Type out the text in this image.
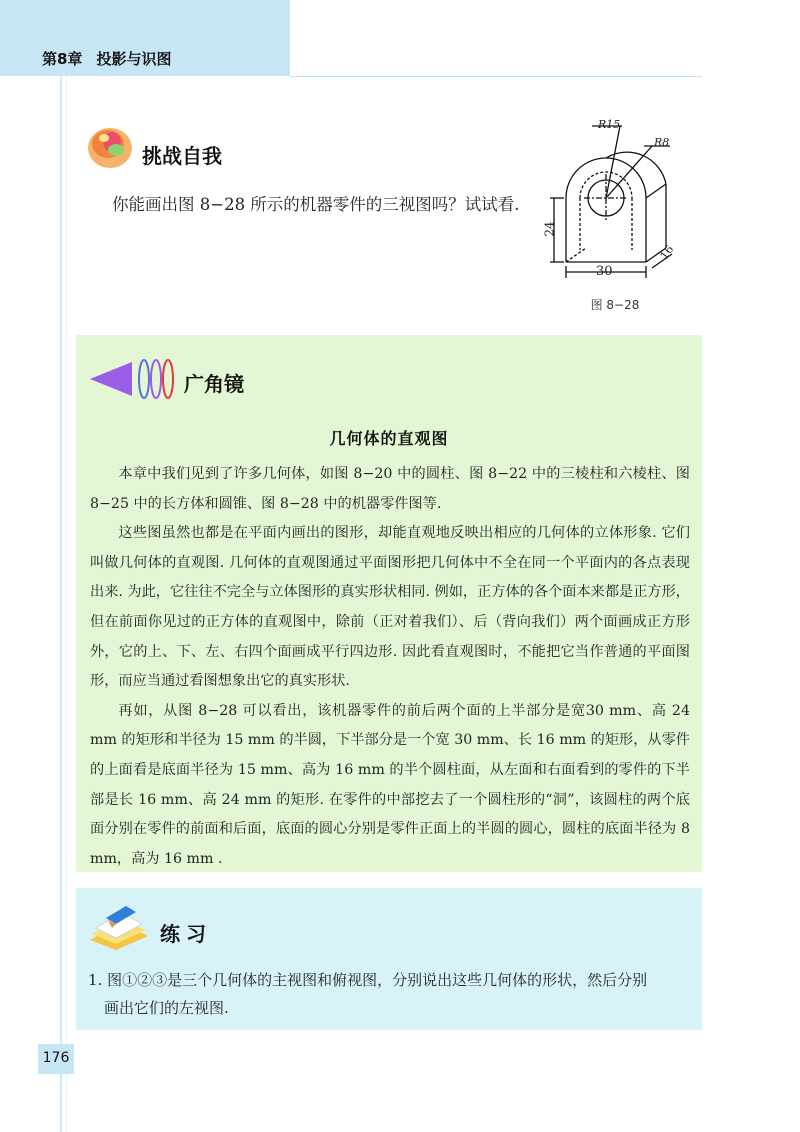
第8章 投影与识图
挑战自我
你能画出图 8−28 所示的机器零件的三视图吗？试试看.
R15
R8
24
30
16
图 8−28
广角镜
几何体的直观图

本章中我们见到了许多几何体，如图 8−20 中的圆柱、图 8−22 中的三棱柱和六棱柱、图 8−25 中的长方体和圆锥、图 8−28 中的机器零件图等.

这些图虽然也都是在平面内画出的图形，却能直观地反映出相应的几何体的立体形象. 它们叫做几何体的直观图. 几何体的直观图通过平面图形把几何体中不全在同一个平面内的各点表现出来. 为此，它往往不完全与立体图形的真实形状相同. 例如，正方体的各个面本来都是正方形，但在前面你见过的正方体的直观图中，除前（正对着我们）、后（背向我们）两个面画成正方形外，它的上、下、左、右四个面画成平行四边形. 因此看直观图时，不能把它当作普通的平面图形，而应当通过看图想象出它的真实形状.

再如，从图 8−28 可以看出，该机器零件的前后两个面的上半部分是宽30 mm、高 24 mm 的矩形和半径为 15 mm 的半圆，下半部分是一个宽 30 mm、长 16 mm 的矩形，从零件的上面看是底面半径为 15 mm、高为 16 mm 的半个圆柱面，从左面和右面看到的零件的下半部是长 16 mm、高 24 mm 的矩形. 在零件的中部挖去了一个圆柱形的“洞”，该圆柱的两个底面分别在零件的前面和后面，底面的圆心分别是零件正面上的半圆的圆心，圆柱的底面半径为 8 mm，高为 16 mm .

练习
1. 图①②③是三个几何体的主视图和俯视图，分别说出这些几何体的形状，然后分别
画出它们的左视图.
176
